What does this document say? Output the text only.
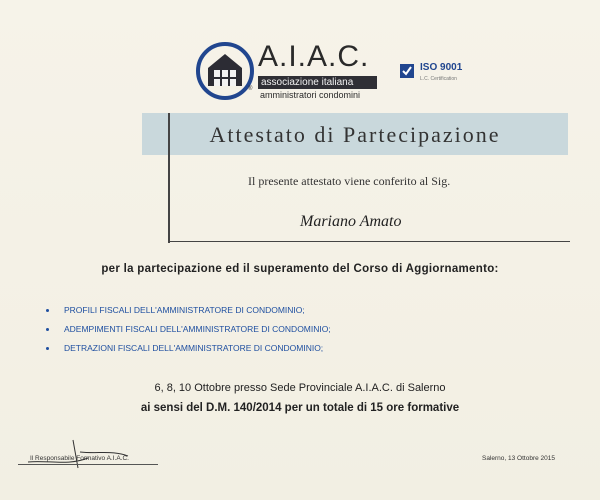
®
A.I.A.C.
associazione italiana
amministratori condomini
ISO 9001
L.C. Certification
Attestato di Partecipazione
Il presente attestato viene conferito al Sig.
Mariano Amato
per la partecipazione ed il superamento del Corso di Aggiornamento:
PROFILI FISCALI DELL'AMMINISTRATORE DI CONDOMINIO;
ADEMPIMENTI FISCALI DELL'AMMINISTRATORE DI CONDOMINIO;
DETRAZIONI FISCALI DELL'AMMINISTRATORE DI CONDOMINIO;
6, 8, 10 Ottobre presso Sede Provinciale A.I.A.C. di Salerno
ai sensi del D.M. 140/2014 per un totale di 15 ore formative
Il Responsabile Formativo A.I.A.C.	Salerno, 13 Ottobre 2015
